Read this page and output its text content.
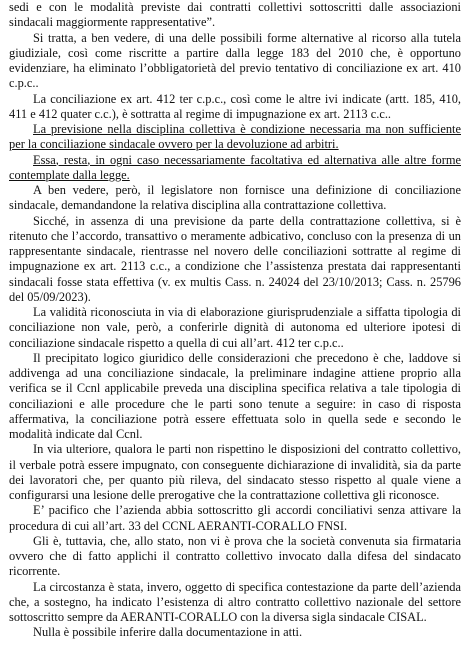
sedi e con le modalità previste dai contratti collettivi sottoscritti dalle associazioni sindacali maggiormente rappresentative”.

Si tratta, a ben vedere, di una delle possibili forme alternative al ricorso alla tutela giudiziale, così come riscritte a partire dalla legge 183 del 2010 che, è opportuno evidenziare, ha eliminato l’obbligatorietà del previo tentativo di conciliazione ex art. 410 c.p.c..

La conciliazione ex art. 412 ter c.p.c., così come le altre ivi indicate (artt. 185, 410, 411 e 412 quater c.c.), è sottratta al regime di impugnazione ex art. 2113 c.c..

La previsione nella disciplina collettiva è condizione necessaria ma non sufficiente per la conciliazione sindacale ovvero per la devoluzione ad arbitri.

Essa, resta, in ogni caso necessariamente facoltativa ed alternativa alle altre forme contemplate dalla legge.

A ben vedere, però, il legislatore non fornisce una definizione di conciliazione sindacale, demandandone la relativa disciplina alla contrattazione collettiva.

Sicché, in assenza di una previsione da parte della contrattazione collettiva, si è ritenuto che l’accordo, transattivo o meramente adbicativo, concluso con la presenza di un rappresentante sindacale, rientrasse nel novero delle conciliazioni sottratte al regime di impugnazione ex art. 2113 c.c., a condizione che l’assistenza prestata dai rappresentanti sindacali fosse stata effettiva (v. ex multis Cass. n. 24024 del 23/10/2013; Cass. n. 25796 del 05/09/2023).

La validità riconosciuta in via di elaborazione giurisprudenziale a siffatta tipologia di conciliazione non vale, però, a conferirle dignità di autonoma ed ulteriore ipotesi di conciliazione sindacale rispetto a quella di cui all’art. 412 ter c.p.c..

Il precipitato logico giuridico delle considerazioni che precedono è che, laddove si addivenga ad una conciliazione sindacale, la preliminare indagine attiene proprio alla verifica se il Ccnl applicabile preveda una disciplina specifica relativa a tale tipologia di conciliazioni e alle procedure che le parti sono tenute a seguire: in caso di risposta affermativa, la conciliazione potrà essere effettuata solo in quella sede e secondo le modalità indicate dal Ccnl.

In via ulteriore, qualora le parti non rispettino le disposizioni del contratto collettivo, il verbale potrà essere impugnato, con conseguente dichiarazione di invalidità, sia da parte dei lavoratori che, per quanto più rileva, del sindacato stesso rispetto al quale viene a configurarsi una lesione delle prerogative che la contrattazione collettiva gli riconosce.

E’ pacifico che l’azienda abbia sottoscritto gli accordi conciliativi senza attivare la procedura di cui all’art. 33 del CCNL AERANTI-CORALLO FNSI.

Gli è, tuttavia, che, allo stato, non vi è prova che la società convenuta sia firmataria ovvero che di fatto applichi il contratto collettivo invocato dalla difesa del sindacato ricorrente.

La circostanza è stata, invero, oggetto di specifica contestazione da parte dell’azienda che, a sostegno, ha indicato l’esistenza di altro contratto collettivo nazionale del settore sottoscritto sempre da AERANTI-CORALLO con la diversa sigla sindacale CISAL.

Nulla è possibile inferire dalla documentazione in atti.
